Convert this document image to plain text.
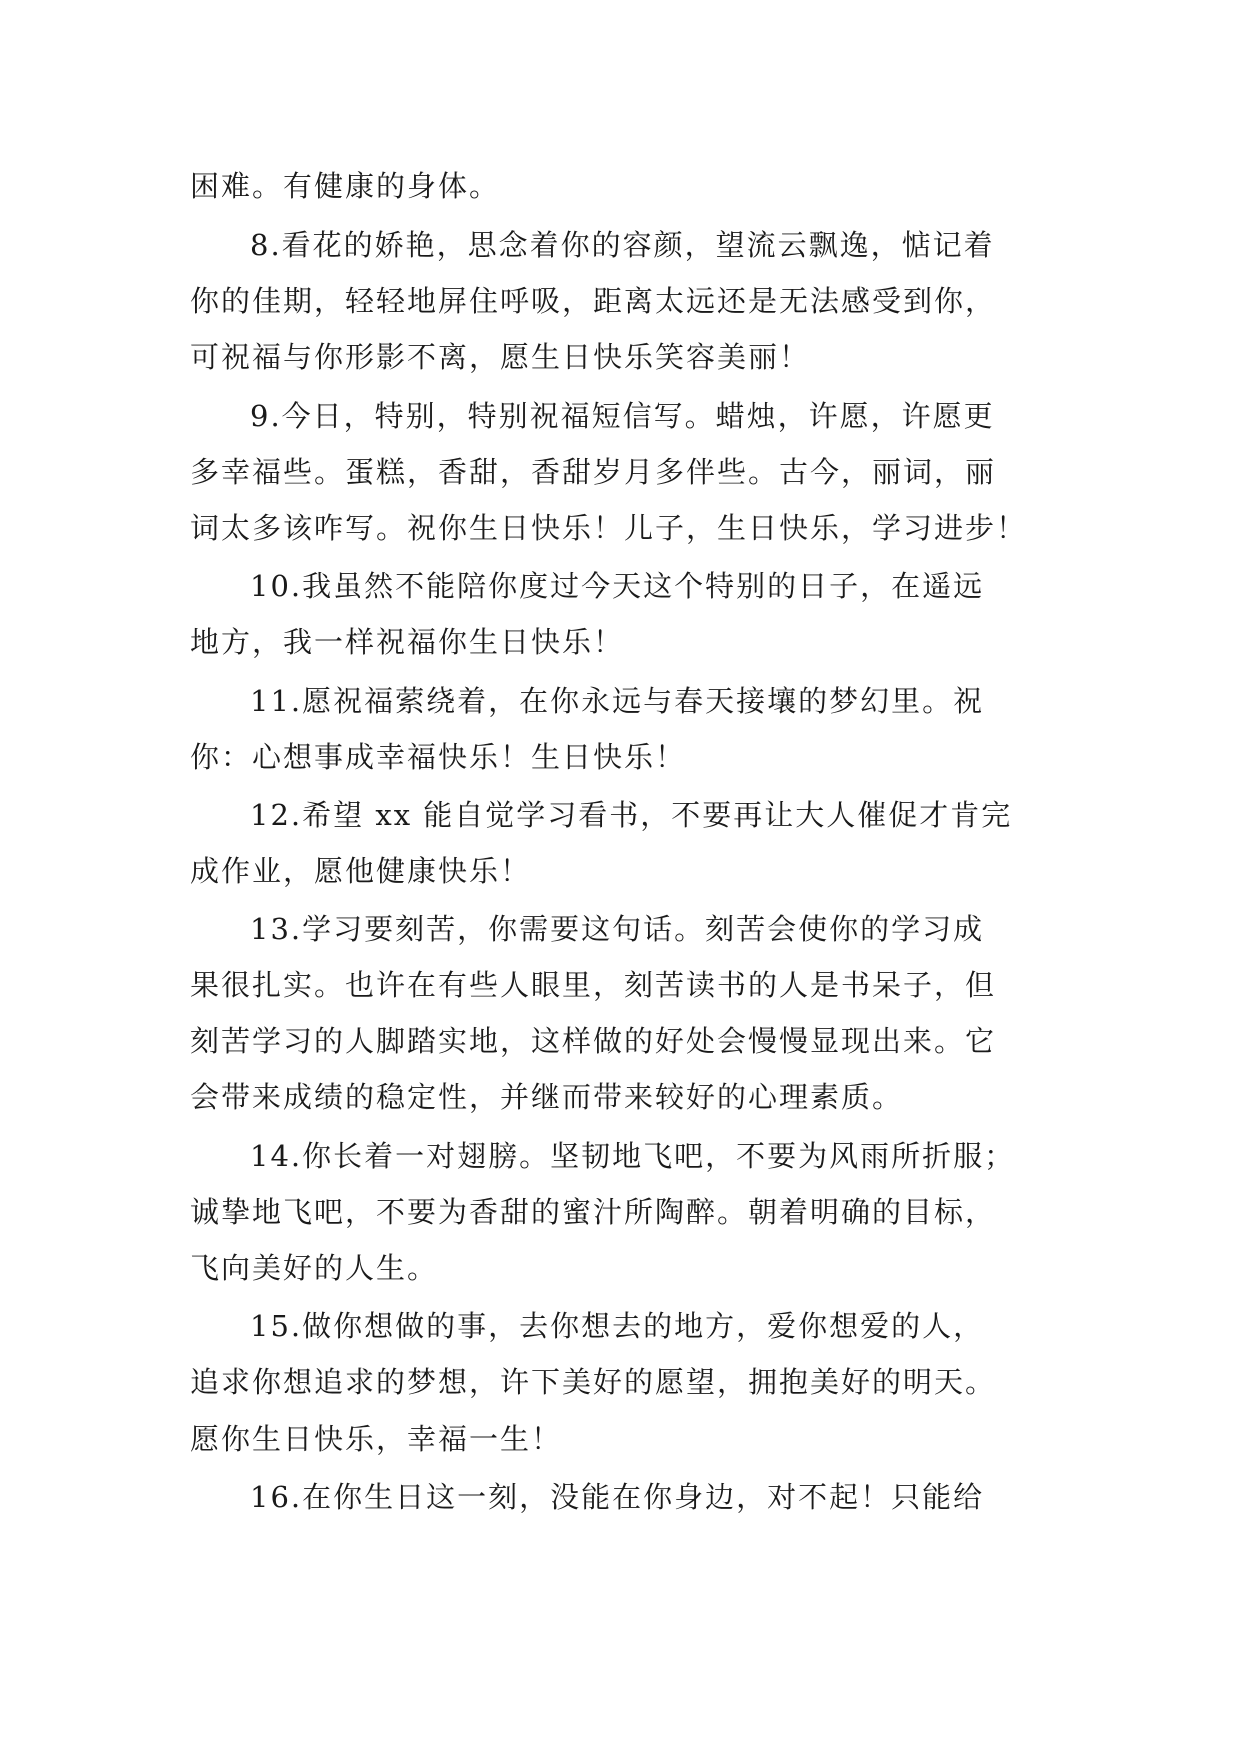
困难。有健康的身体。
8.看花的娇艳，思念着你的容颜，望流云飘逸，惦记着
你的佳期，轻轻地屏住呼吸，距离太远还是无法感受到你，
可祝福与你形影不离，愿生日快乐笑容美丽！
9.今日，特别，特别祝福短信写。蜡烛，许愿，许愿更
多幸福些。蛋糕，香甜，香甜岁月多伴些。古今，丽词，丽
词太多该咋写。祝你生日快乐！儿子，生日快乐，学习进步！
10.我虽然不能陪你度过今天这个特别的日子，在遥远
地方，我一样祝福你生日快乐！
11.愿祝福萦绕着，在你永远与春天接壤的梦幻里。祝
你：心想事成幸福快乐！生日快乐！
12.希望 xx 能自觉学习看书，不要再让大人催促才肯完
成作业，愿他健康快乐！
13.学习要刻苦，你需要这句话。刻苦会使你的学习成
果很扎实。也许在有些人眼里，刻苦读书的人是书呆子，但
刻苦学习的人脚踏实地，这样做的好处会慢慢显现出来。它
会带来成绩的稳定性，并继而带来较好的心理素质。
14.你长着一对翅膀。坚韧地飞吧，不要为风雨所折服；
诚挚地飞吧，不要为香甜的蜜汁所陶醉。朝着明确的目标，
飞向美好的人生。
15.做你想做的事，去你想去的地方，爱你想爱的人，
追求你想追求的梦想，许下美好的愿望，拥抱美好的明天。
愿你生日快乐，幸福一生！
16.在你生日这一刻，没能在你身边，对不起！只能给
